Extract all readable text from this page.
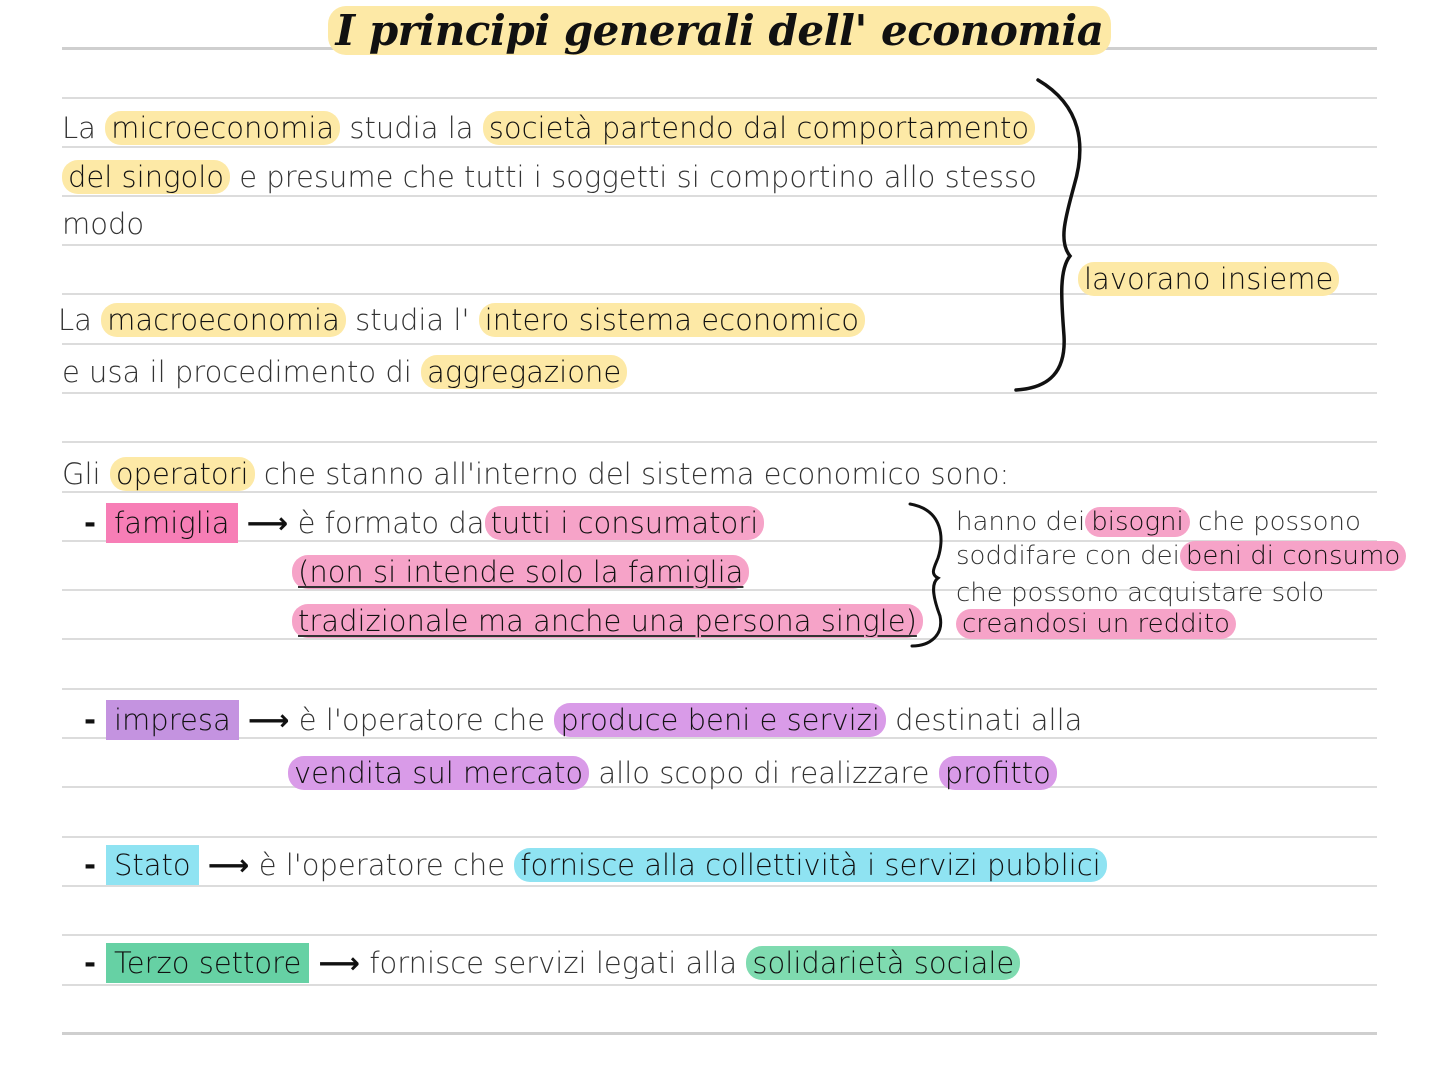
I principi generali dell' economia
La microeconomia studia la società partendo dal comportamento
del singolo e presume che tutti i soggetti si comportino allo stesso
modo
La macroeconomia studia l' intero sistema economico
e usa il procedimento di aggregazione
lavorano insieme
Gli operatori che stanno all'interno del sistema economico sono:
- famiglia ⟶ è formato da tutti i consumatori
(non si intende solo la famiglia
tradizionale ma anche una persona single)
hanno dei bisogni che possono
soddifare con dei beni di consumo
che possono acquistare solo
creandosi un reddito
- impresa ⟶ è l'operatore che produce beni e servizi destinati alla
vendita sul mercato allo scopo di realizzare profitto
- Stato ⟶ è l'operatore che fornisce alla collettività i servizi pubblici
- Terzo settore ⟶ fornisce servizi legati alla solidarietà sociale
